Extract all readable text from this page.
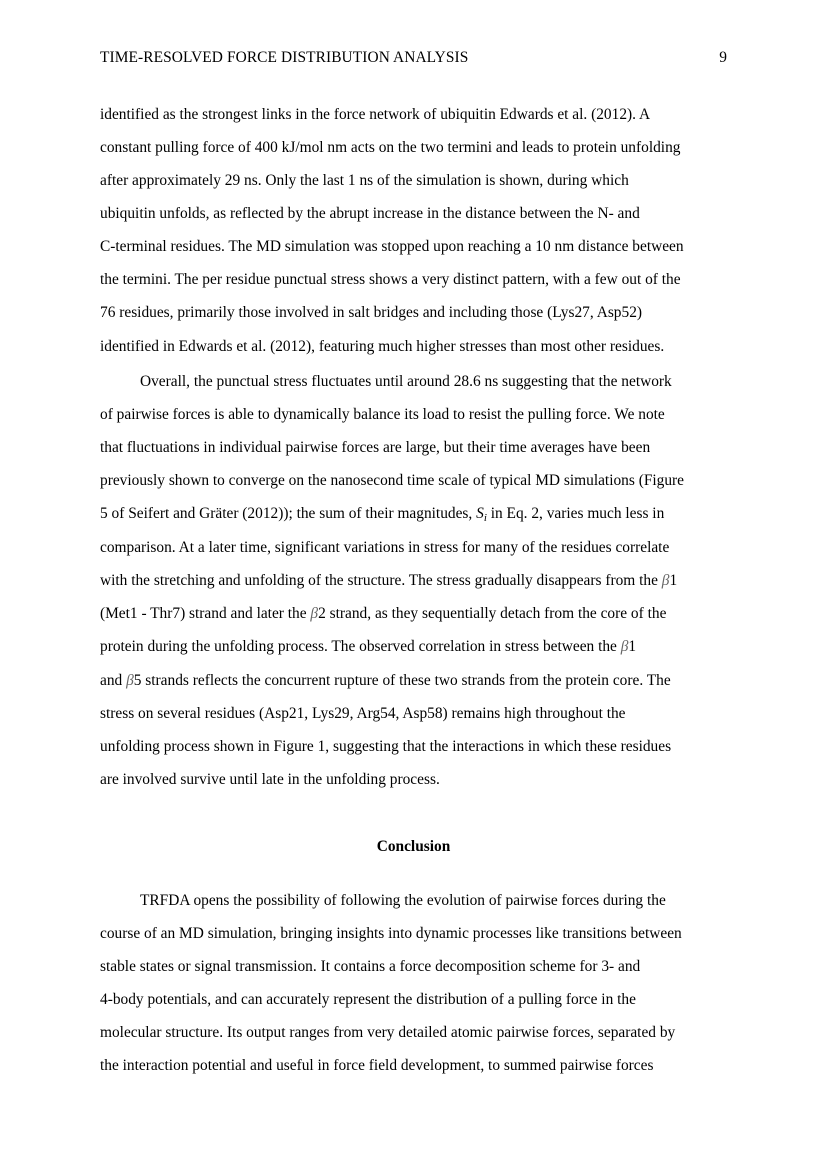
TIME-RESOLVED FORCE DISTRIBUTION ANALYSIS	9
identified as the strongest links in the force network of ubiquitin Edwards et al. (2012). A
constant pulling force of 400 kJ/mol nm acts on the two termini and leads to protein unfolding
after approximately 29 ns. Only the last 1 ns of the simulation is shown, during which
ubiquitin unfolds, as reflected by the abrupt increase in the distance between the N- and
C-terminal residues. The MD simulation was stopped upon reaching a 10 nm distance between
the termini. The per residue punctual stress shows a very distinct pattern, with a few out of the
76 residues, primarily those involved in salt bridges and including those (Lys27, Asp52)
identified in Edwards et al. (2012), featuring much higher stresses than most other residues.
Overall, the punctual stress fluctuates until around 28.6 ns suggesting that the network
of pairwise forces is able to dynamically balance its load to resist the pulling force. We note
that fluctuations in individual pairwise forces are large, but their time averages have been
previously shown to converge on the nanosecond time scale of typical MD simulations (Figure
5 of Seifert and Gräter (2012)); the sum of their magnitudes, $S_i$ in Eq. 2, varies much less in
comparison. At a later time, significant variations in stress for many of the residues correlate
with the stretching and unfolding of the structure. The stress gradually disappears from the β1
(Met1 - Thr7) strand and later the β2 strand, as they sequentially detach from the core of the
protein during the unfolding process. The observed correlation in stress between the β1
and β5 strands reflects the concurrent rupture of these two strands from the protein core. The
stress on several residues (Asp21, Lys29, Arg54, Asp58) remains high throughout the
unfolding process shown in Figure 1, suggesting that the interactions in which these residues
are involved survive until late in the unfolding process.
Conclusion
TRFDA opens the possibility of following the evolution of pairwise forces during the
course of an MD simulation, bringing insights into dynamic processes like transitions between
stable states or signal transmission. It contains a force decomposition scheme for 3- and
4-body potentials, and can accurately represent the distribution of a pulling force in the
molecular structure. Its output ranges from very detailed atomic pairwise forces, separated by
the interaction potential and useful in force field development, to summed pairwise forces
